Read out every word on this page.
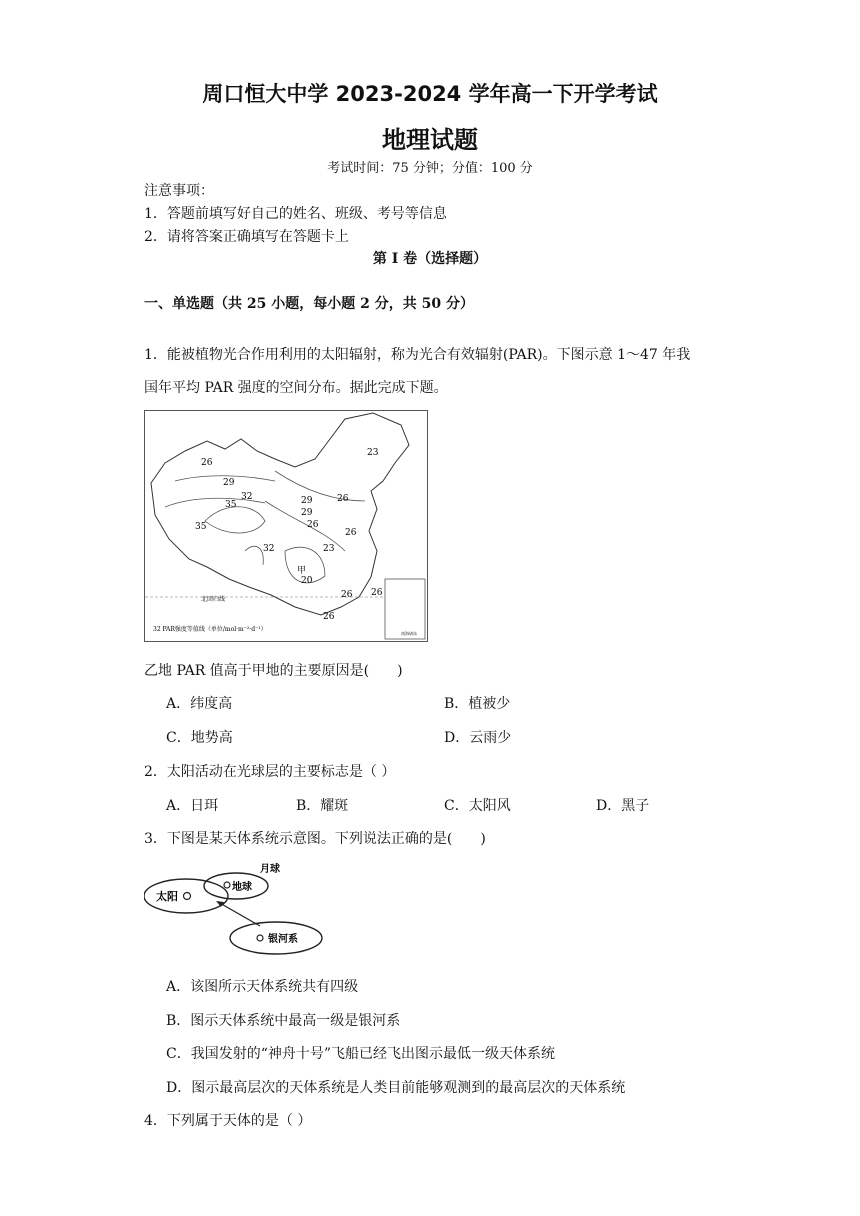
周口恒大中学 2023-2024 学年高一下开学考试
地理试题
考试时间：75 分钟；分值：100 分
注意事项：
1．答题前填写好自己的姓名、班级、考号等信息
2．请将答案正确填写在答题卡上
第 I 卷（选择题）
一、单选题（共 25 小题，每小题 2 分，共 50 分）
1．能被植物光合作用利用的太阳辐射，称为光合有效辐射(PAR)。下图示意 1～47 年我
国年平均 PAR 强度的空间分布。据此完成下题。
26
23
29
32
35
35
29	26
29
26
23
26
32
甲
20
26 26
26
北回归线
32 PAR强度等值线（单位/mol·m⁻²·d⁻¹）
南海诸岛
乙地 PAR 值高于甲地的主要原因是(　　)
A．纬度高	B．植被少
C．地势高	D．云雨少
2．太阳活动在光球层的主要标志是（ ）
A．日珥	B．耀斑	C．太阳风	D．黑子
3．下图是某天体系统示意图。下列说法正确的是(　　)
太阳
地球
月球
银河系
A．该图所示天体系统共有四级
B．图示天体系统中最高一级是银河系
C．我国发射的“神舟十号”飞船已经飞出图示最低一级天体系统
D．图示最高层次的天体系统是人类目前能够观测到的最高层次的天体系统
4．下列属于天体的是（ ）
